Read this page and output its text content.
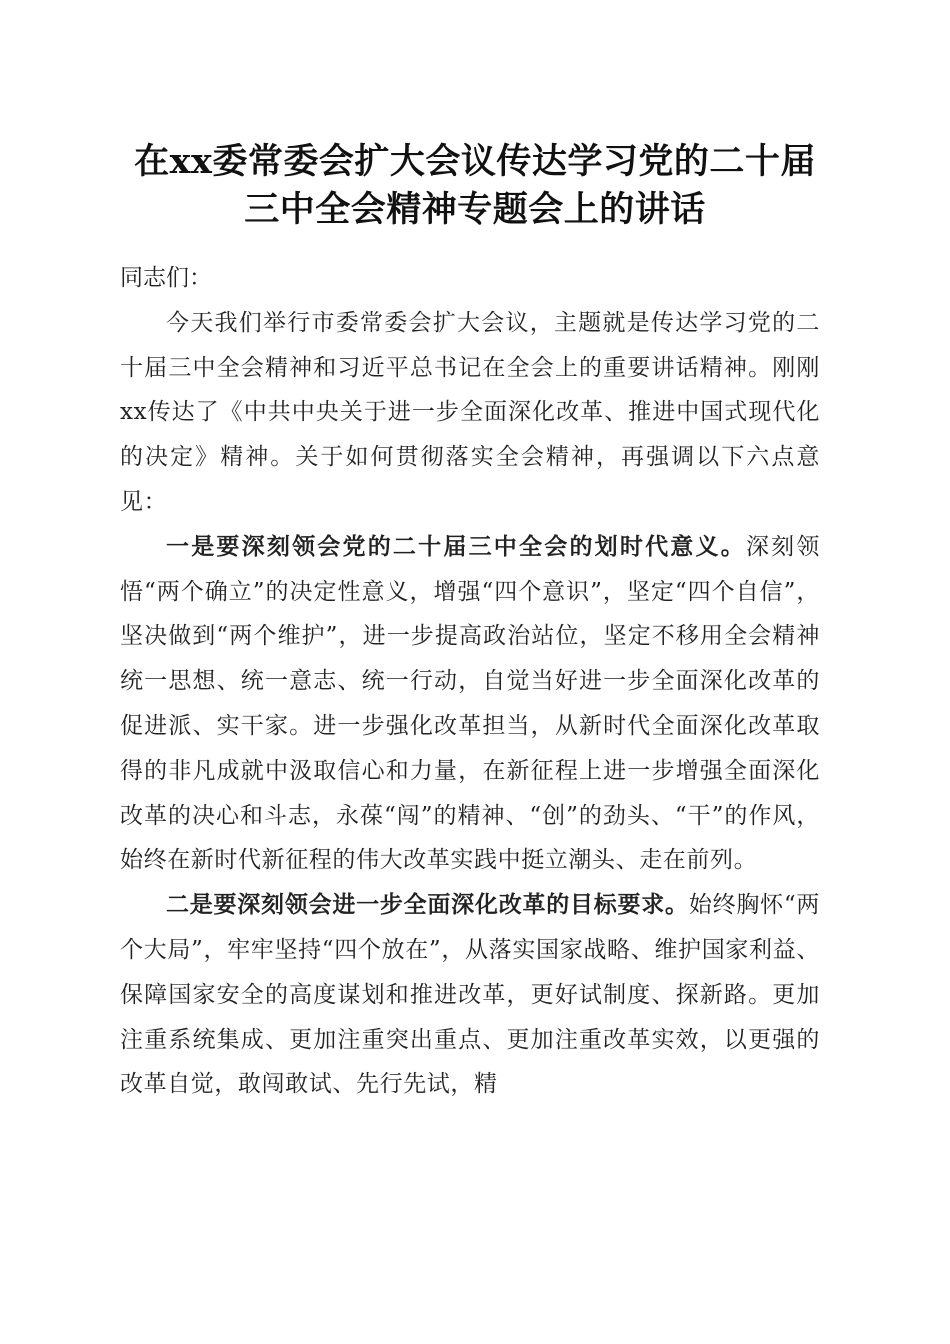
在xx委常委会扩大会议传达学习党的二十届
三中全会精神专题会上的讲话

同志们：

今天我们举行市委常委会扩大会议，主题就是传达学习党的二十届三中全会精神和习近平总书记在全会上的重要讲话精神。刚刚xx传达了《中共中央关于进一步全面深化改革、推进中国式现代化的决定》精神。关于如何贯彻落实全会精神，再强调以下六点意见：

一是要深刻领会党的二十届三中全会的划时代意义。深刻领悟“两个确立”的决定性意义，增强“四个意识”，坚定“四个自信”，坚决做到“两个维护”，进一步提高政治站位，坚定不移用全会精神统一思想、统一意志、统一行动，自觉当好进一步全面深化改革的促进派、实干家。进一步强化改革担当，从新时代全面深化改革取得的非凡成就中汲取信心和力量，在新征程上进一步增强全面深化改革的决心和斗志，永葆“闯”的精神、“创”的劲头、“干”的作风，始终在新时代新征程的伟大改革实践中挺立潮头、走在前列。

二是要深刻领会进一步全面深化改革的目标要求。始终胸怀“两个大局”，牢牢坚持“四个放在”，从落实国家战略、维护国家利益、保障国家安全的高度谋划和推进改革，更好试制度、探新路。更加注重系统集成、更加注重突出重点、更加注重改革实效，以更强的改革自觉，敢闯敢试、先行先试，精
